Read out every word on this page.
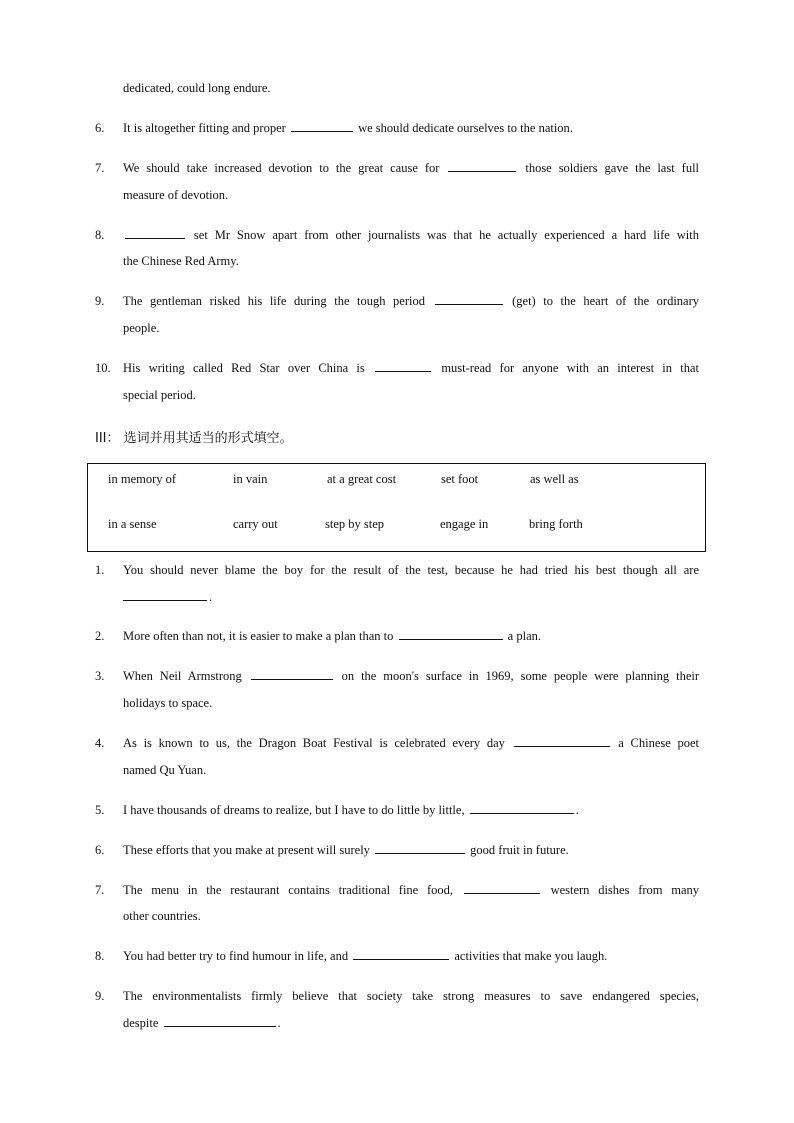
dedicated, could long endure.
6. It is altogether fitting and proper	we should dedicate ourselves to the nation.
7. We should take increased devotion to the great cause for	those soldiers gave the last full
measure of devotion.
8.	set Mr Snow apart from other journalists was that he actually experienced a hard life with
the Chinese Red Army.
9. The gentleman risked his life during the tough period	(get) to the heart of the ordinary
people.
10. His writing called Red Star over China is	must-read for anyone with an interest in that
special period.
III： 选词并用其适当的形式填空。
in memory of	in vain	at a great cost	set foot	as well as
in a sense	carry out	step by step	engage in	bring forth
1. You should never blame the boy for the result of the test, because he had tried his best though all are
.
2. More often than not, it is easier to make a plan than to	a plan.
3. When Neil Armstrong	on the moon's surface in 1969, some people were planning their
holidays to space.
4. As is known to us, the Dragon Boat Festival is celebrated every day	a Chinese poet
named Qu Yuan.
5. I have thousands of dreams to realize, but I have to do little by little,	.
6. These efforts that you make at present will surely	good fruit in future.
7. The menu in the restaurant contains traditional fine food,	western dishes from many
other countries.
8. You had better try to find humour in life, and	activities that make you laugh.
9. The environmentalists firmly believe that society take strong measures to save endangered species,
despite	.
